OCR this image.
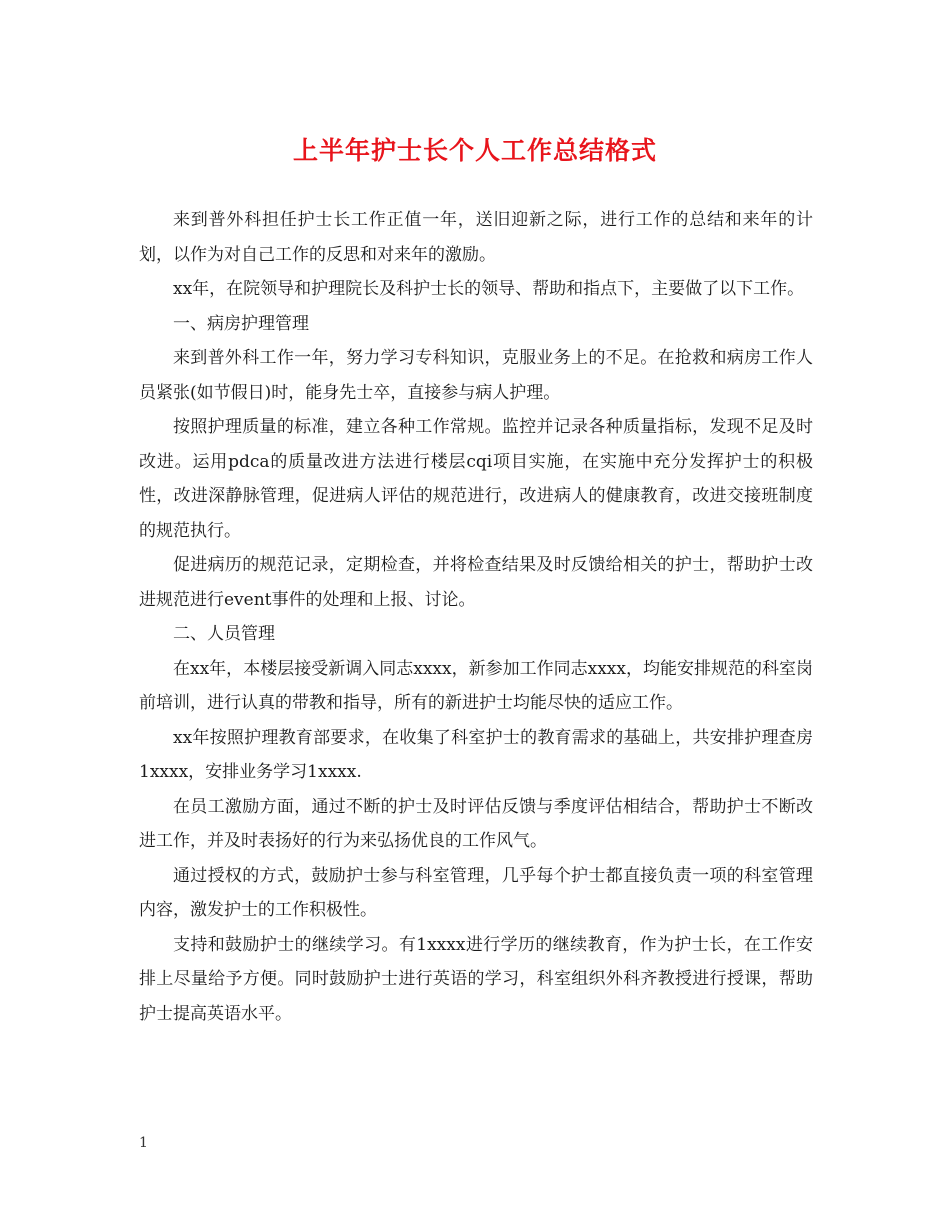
上半年护士长个人工作总结格式

来到普外科担任护士长工作正值一年，送旧迎新之际，进行工作的总结和来年的计划，以作为对自己工作的反思和对来年的激励。

xx年，在院领导和护理院长及科护士长的领导、帮助和指点下，主要做了以下工作。

一、病房护理管理

来到普外科工作一年，努力学习专科知识，克服业务上的不足。在抢救和病房工作人员紧张(如节假日)时，能身先士卒，直接参与病人护理。

按照护理质量的标准，建立各种工作常规。监控并记录各种质量指标，发现不足及时改进。运用pdca的质量改进方法进行楼层cqi项目实施，在实施中充分发挥护士的积极性，改进深静脉管理，促进病人评估的规范进行，改进病人的健康教育，改进交接班制度的规范执行。

促进病历的规范记录，定期检查，并将检查结果及时反馈给相关的护士，帮助护士改进规范进行event事件的处理和上报、讨论。

二、人员管理

在xx年，本楼层接受新调入同志xxxx，新参加工作同志xxxx，均能安排规范的科室岗前培训，进行认真的带教和指导，所有的新进护士均能尽快的适应工作。

xx年按照护理教育部要求，在收集了科室护士的教育需求的基础上，共安排护理查房1xxxx，安排业务学习1xxxx.

在员工激励方面，通过不断的护士及时评估反馈与季度评估相结合，帮助护士不断改进工作，并及时表扬好的行为来弘扬优良的工作风气。

通过授权的方式，鼓励护士参与科室管理，几乎每个护士都直接负责一项的科室管理内容，激发护士的工作积极性。

支持和鼓励护士的继续学习。有1xxxx进行学历的继续教育，作为护士长，在工作安排上尽量给予方便。同时鼓励护士进行英语的学习，科室组织外科齐教授进行授课，帮助护士提高英语水平。

1
